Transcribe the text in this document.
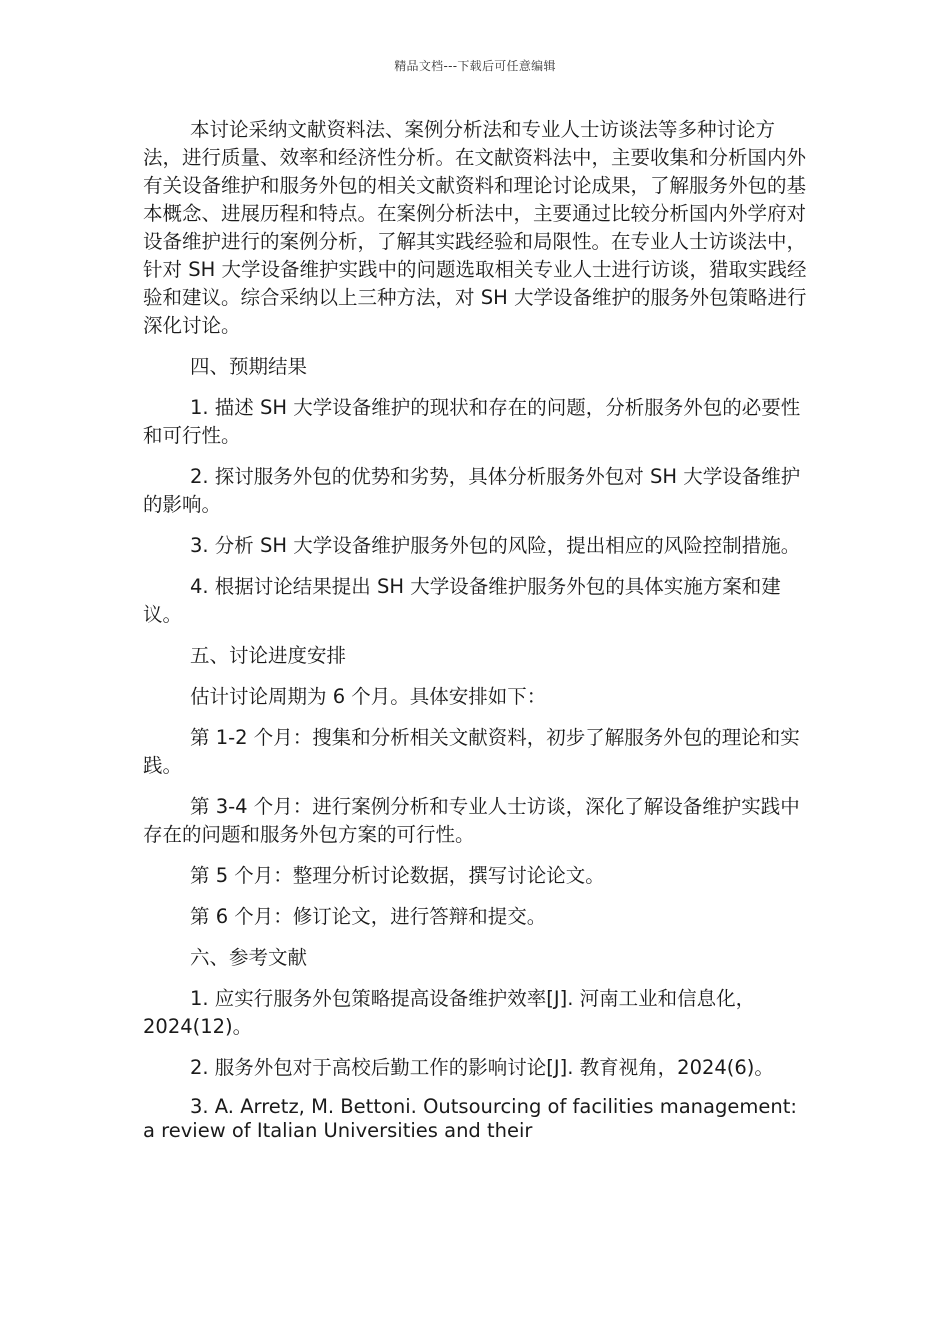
精品文档---下载后可任意编辑

本讨论采纳文献资料法、案例分析法和专业人士访谈法等多种讨论方法，进行质量、效率和经济性分析。在文献资料法中，主要收集和分析国内外有关设备维护和服务外包的相关文献资料和理论讨论成果，了解服务外包的基本概念、进展历程和特点。在案例分析法中，主要通过比较分析国内外学府对设备维护进行的案例分析，了解其实践经验和局限性。在专业人士访谈法中，针对 SH 大学设备维护实践中的问题选取相关专业人士进行访谈，猎取实践经验和建议。综合采纳以上三种方法，对 SH 大学设备维护的服务外包策略进行深化讨论。

四、预期结果

1. 描述 SH 大学设备维护的现状和存在的问题，分析服务外包的必要性和可行性。

2. 探讨服务外包的优势和劣势，具体分析服务外包对 SH 大学设备维护的影响。

3. 分析 SH 大学设备维护服务外包的风险，提出相应的风险控制措施。

4. 根据讨论结果提出 SH 大学设备维护服务外包的具体实施方案和建议。

五、讨论进度安排

估计讨论周期为 6 个月。具体安排如下：

第 1-2 个月：搜集和分析相关文献资料，初步了解服务外包的理论和实践。

第 3-4 个月：进行案例分析和专业人士访谈，深化了解设备维护实践中存在的问题和服务外包方案的可行性。

第 5 个月：整理分析讨论数据，撰写讨论论文。

第 6 个月：修订论文，进行答辩和提交。

六、参考文献

1. 应实行服务外包策略提高设备维护效率[J]. 河南工业和信息化，2024(12)。

2. 服务外包对于高校后勤工作的影响讨论[J]. 教育视角，2024(6)。

3. A. Arretz, M. Bettoni. Outsourcing of facilities management: a review of Italian Universities and their
